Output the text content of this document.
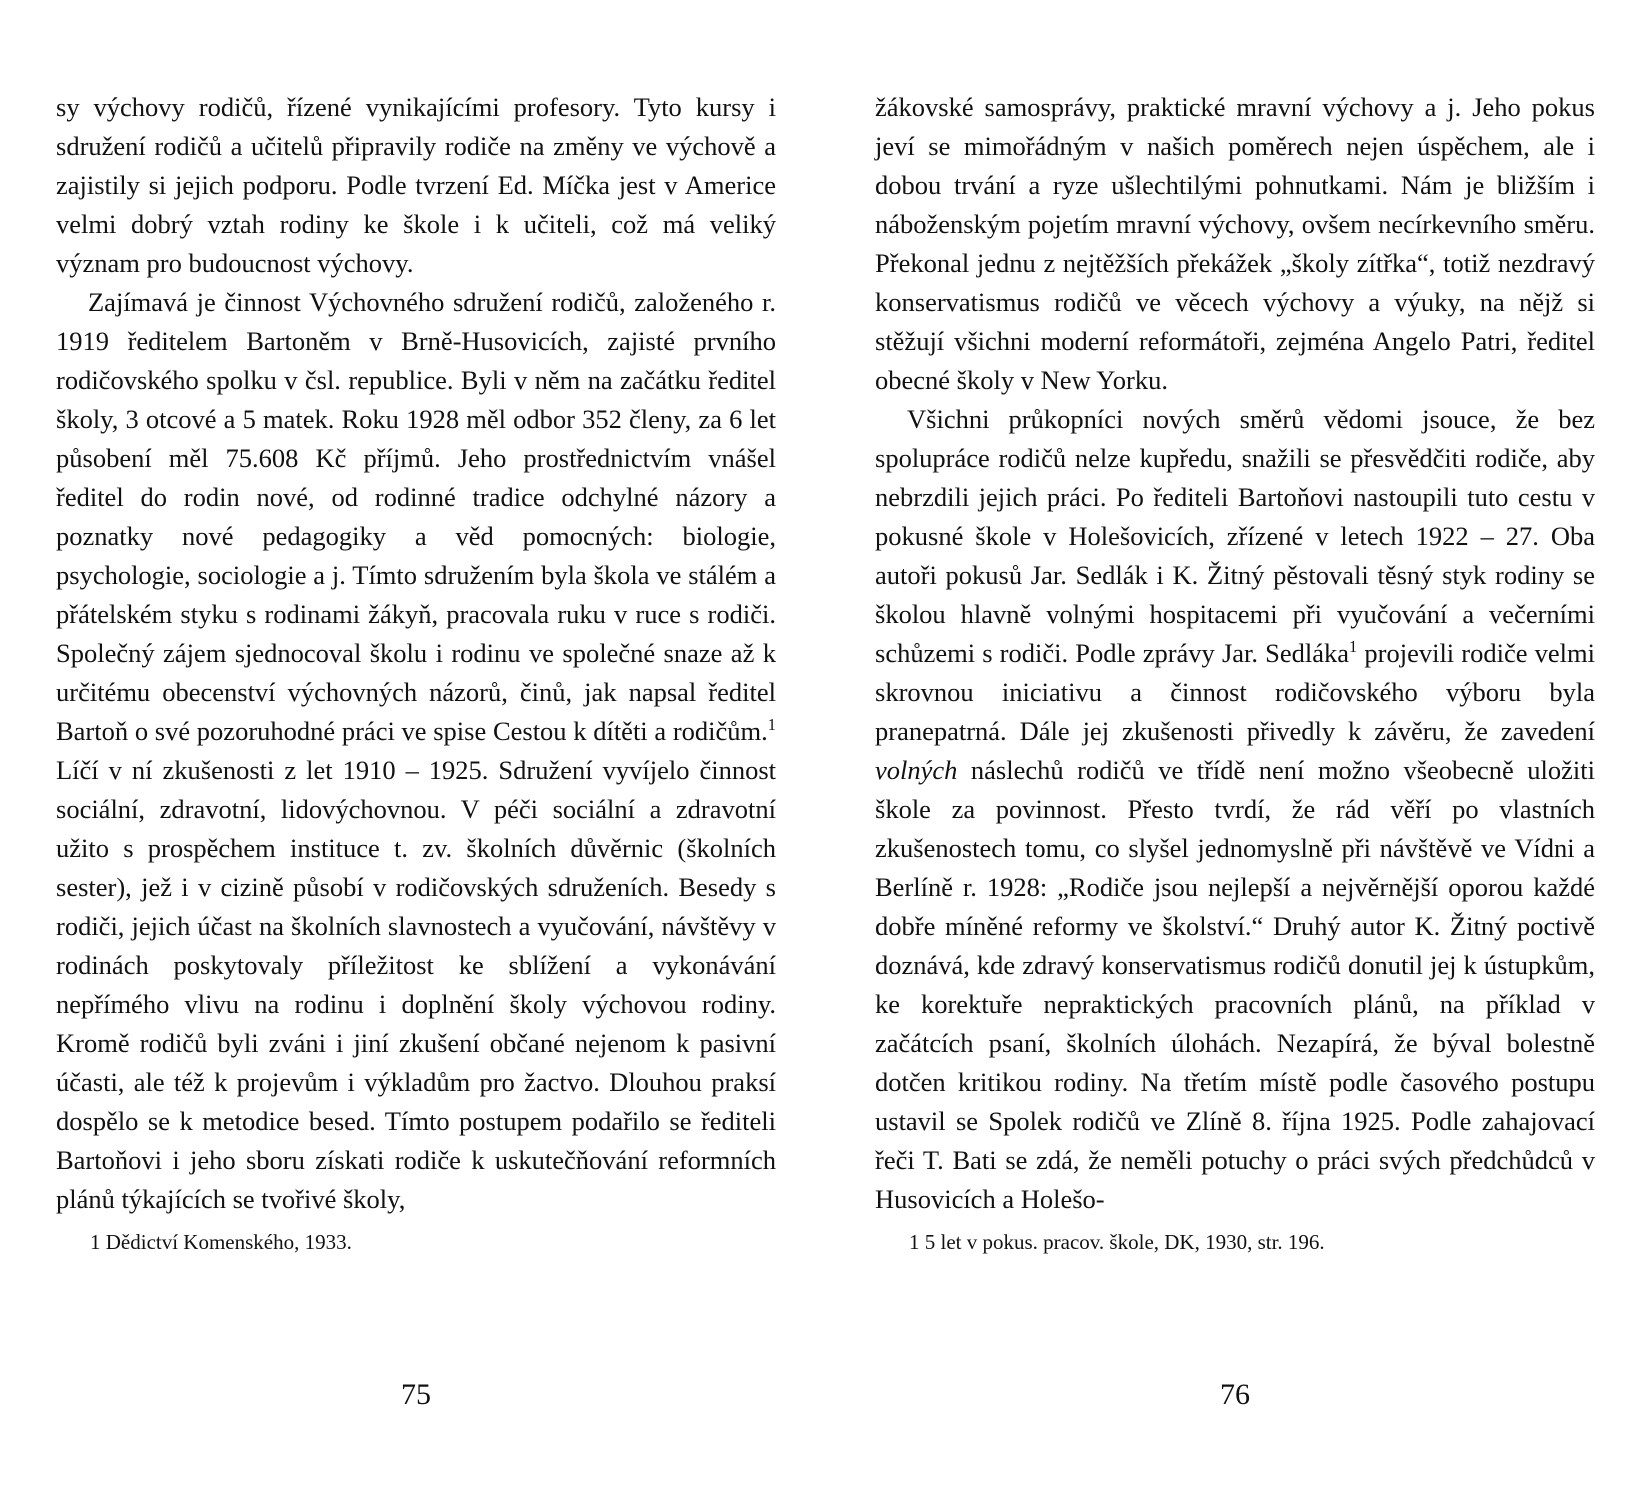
sy výchovy rodičů, řízené vynikajícími profesory. Tyto kursy i sdružení rodičů a učitelů připravily rodiče na změny ve výchově a zajistily si jejich podporu. Podle tvrzení Ed. Míčka jest v Americe velmi dobrý vztah rodiny ke škole i k učiteli, což má veliký význam pro budoucnost výchovy.

Zajímavá je činnost Výchovného sdružení rodičů, založeného r. 1919 ředitelem Bartoněm v Brně-Husovicích, zajisté prvního rodičovského spolku v čsl. republice. Byli v něm na začátku ředitel školy, 3 otcové a 5 matek. Roku 1928 měl odbor 352 členy, za 6 let působení měl 75.608 Kč příjmů. Jeho prostřednictvím vnášel ředitel do rodin nové, od rodinné tradice odchylné názory a poznatky nové pedagogiky a věd pomocných: biologie, psychologie, sociologie a j. Tímto sdružením byla škola ve stálém a přátelském styku s rodinami žákyň, pracovala ruku v ruce s rodiči. Společný zájem sjednocoval školu i rodinu ve společné snaze až k určitému obecenství výchovných názorů, činů, jak napsal ředitel Bartoň o své pozoruhodné práci ve spise Cestou k dítěti a rodičům.$^1$ Líčí v ní zkušenosti z let 1910 – 1925. Sdružení vyvíjelo činnost sociální, zdravotní, lidovýchovnou. V péči sociální a zdravotní užito s prospěchem instituce t. zv. školních důvěrnic (školních sester), jež i v cizině působí v rodičovských sdruženích. Besedy s rodiči, jejich účast na školních slavnostech a vyučování, návštěvy v rodinách poskytovaly příležitost ke sblížení a vykonávání nepřímého vlivu na rodinu i doplnění školy výchovou rodiny. Kromě rodičů byli zváni i jiní zkušení občané nejenom k pasivní účasti, ale též k projevům i výkladům pro žactvo. Dlouhou praksí dospělo se k metodice besed. Tímto postupem podařilo se řediteli Bartoňovi i jeho sboru získati rodiče k uskutečňování reformních plánů týkajících se tvořivé školy,

1 Dědictví Komenského, 1933.

žákovské samosprávy, praktické mravní výchovy a j. Jeho pokus jeví se mimořádným v našich poměrech nejen úspěchem, ale i dobou trvání a ryze ušlechtilými pohnutkami. Nám je bližším i náboženským pojetím mravní výchovy, ovšem necírkevního směru. Překonal jednu z nejtěžších překážek „školy zítřka“, totiž nezdravý konservatismus rodičů ve věcech výchovy a výuky, na nějž si stěžují všichni moderní reformátoři, zejména Angelo Patri, ředitel obecné školy v New Yorku.

Všichni průkopníci nových směrů vědomi jsouce, že bez spolupráce rodičů nelze kupředu, snažili se přesvědčiti rodiče, aby nebrzdili jejich práci. Po řediteli Bartoňovi nastoupili tuto cestu v pokusné škole v Holešovicích, zřízené v letech 1922 – 27. Oba autoři pokusů Jar. Sedlák i K. Žitný pěstovali těsný styk rodiny se školou hlavně volnými hospitacemi při vyučování a večerními schůzemi s rodiči. Podle zprávy Jar. Sedláka$^1$ projevili rodiče velmi skrovnou iniciativu a činnost rodičovského výboru byla pranepatrná. Dále jej zkušenosti přivedly k závěru, že zavedení volných náslechů rodičů ve třídě není možno všeobecně uložiti škole za povinnost. Přesto tvrdí, že rád věří po vlastních zkušenostech tomu, co slyšel jednomyslně při návštěvě ve Vídni a Berlíně r. 1928: „Rodiče jsou nejlepší a nejvěrnější oporou každé dobře míněné reformy ve školství.“ Druhý autor K. Žitný poctivě doznává, kde zdravý konservatismus rodičů donutil jej k ústupkům, ke korektuře nepraktických pracovních plánů, na příklad v začátcích psaní, školních úlohách. Nezapírá, že býval bolestně dotčen kritikou rodiny. Na třetím místě podle časového postupu ustavil se Spolek rodičů ve Zlíně 8. října 1925. Podle zahajovací řeči T. Bati se zdá, že neměli potuchy o práci svých předchůdců v Husovicích a Holešo-

1 5 let v pokus. pracov. škole, DK, 1930, str. 196.
75	76
